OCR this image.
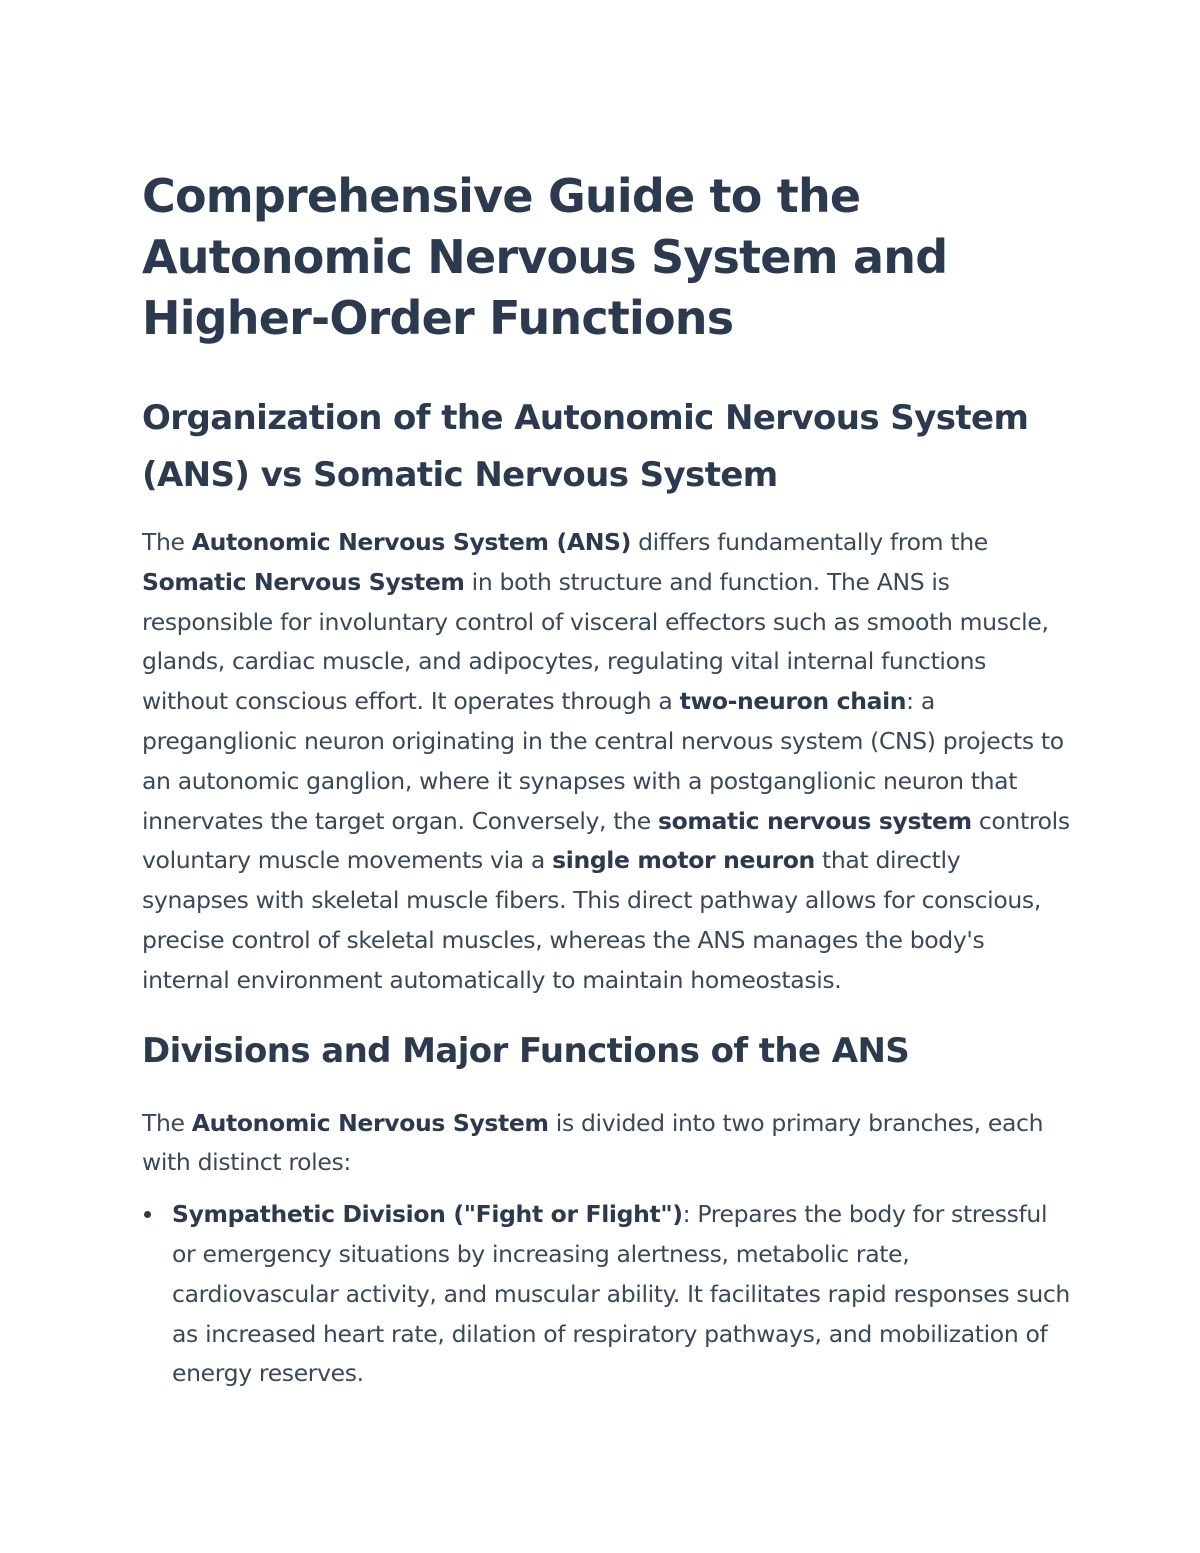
Comprehensive Guide to the Autonomic Nervous System and Higher-Order Functions
Organization of the Autonomic Nervous System (ANS) vs Somatic Nervous System

The Autonomic Nervous System (ANS) differs fundamentally from the Somatic Nervous System in both structure and function. The ANS is responsible for involuntary control of visceral effectors such as smooth muscle, glands, cardiac muscle, and adipocytes, regulating vital internal functions without conscious effort. It operates through a two-neuron chain: a preganglionic neuron originating in the central nervous system (CNS) projects to an autonomic ganglion, where it synapses with a postganglionic neuron that innervates the target organ. Conversely, the somatic nervous system controls voluntary muscle movements via a single motor neuron that directly synapses with skeletal muscle fibers. This direct pathway allows for conscious, precise control of skeletal muscles, whereas the ANS manages the body's internal environment automatically to maintain homeostasis.

Divisions and Major Functions of the ANS

The Autonomic Nervous System is divided into two primary branches, each with distinct roles:

Sympathetic Division ("Fight or Flight"): Prepares the body for stressful or emergency situations by increasing alertness, metabolic rate, cardiovascular activity, and muscular ability. It facilitates rapid responses such as increased heart rate, dilation of respiratory pathways, and mobilization of energy reserves.
